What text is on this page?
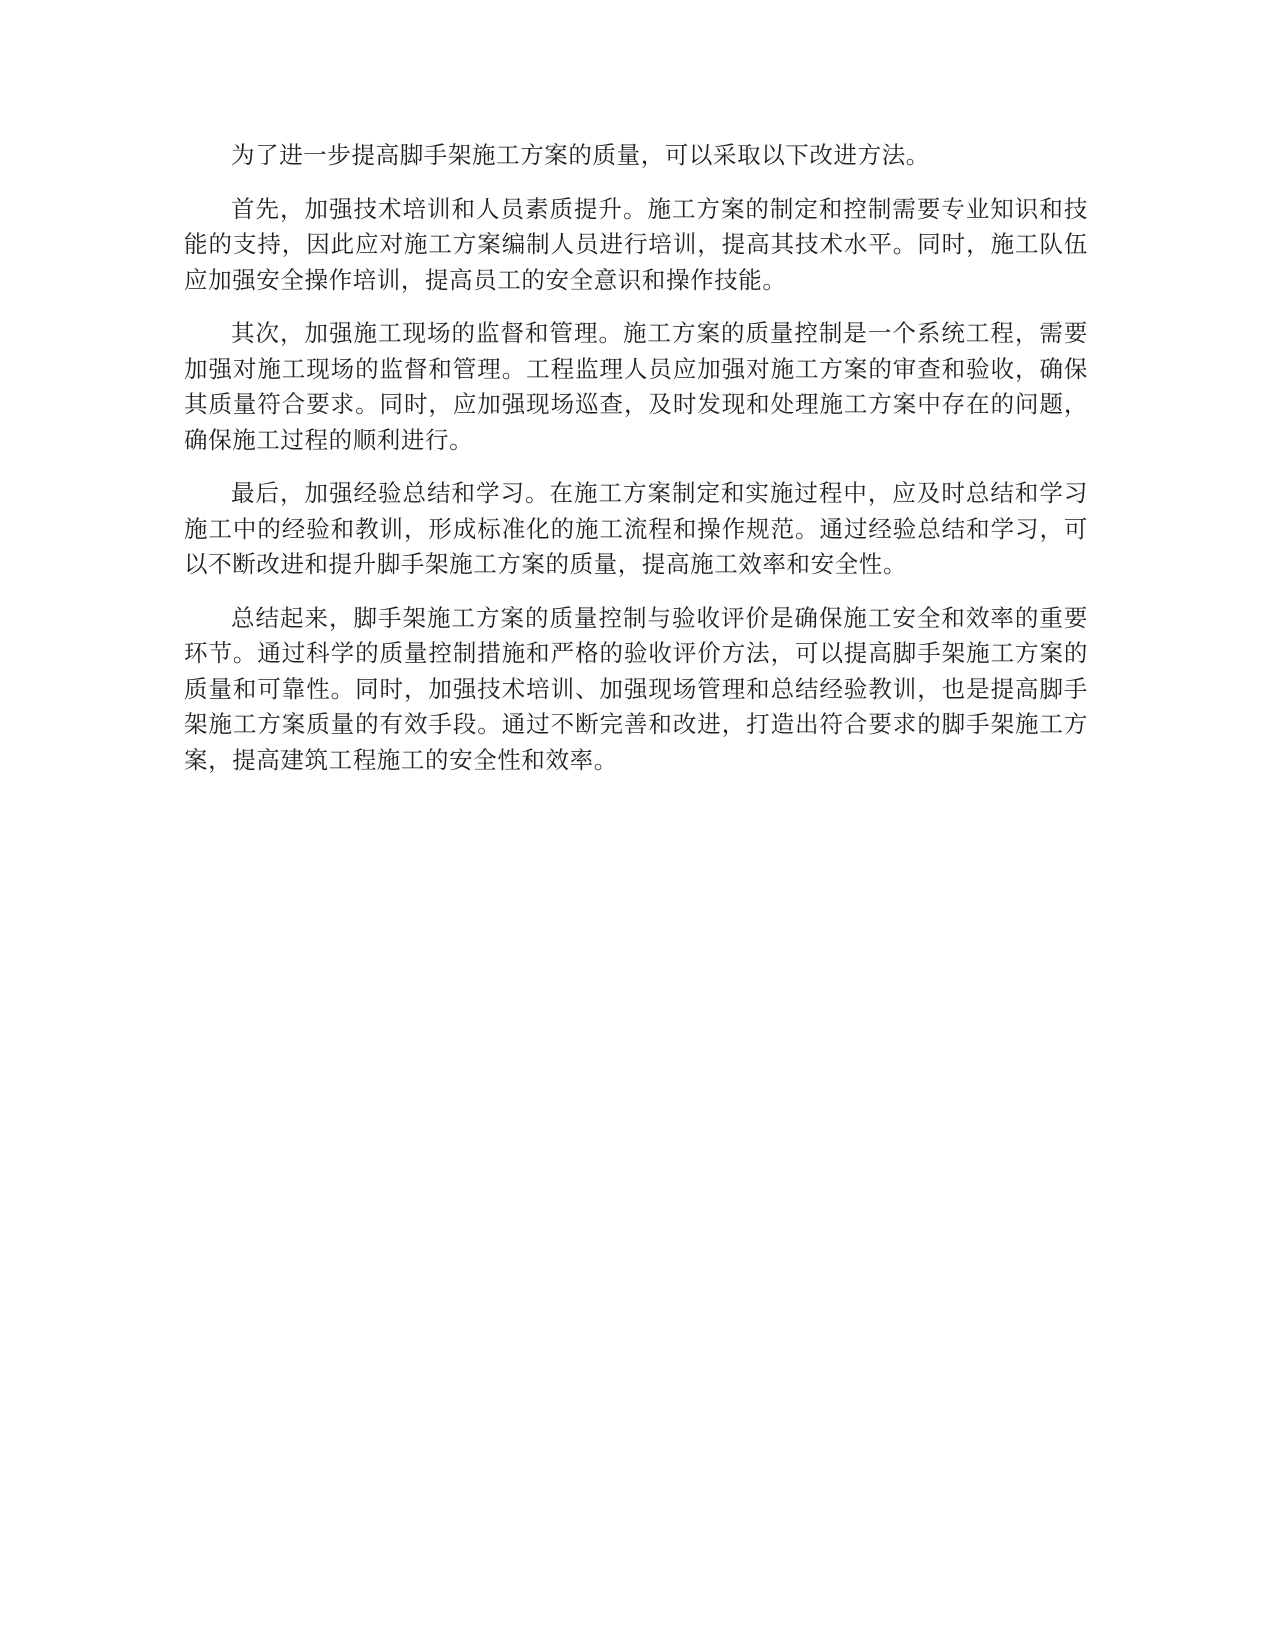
为了进一步提高脚手架施工方案的质量，可以采取以下改进方法。

首先，加强技术培训和人员素质提升。施工方案的制定和控制需要专业知识和技能的支持，因此应对施工方案编制人员进行培训，提高其技术水平。同时，施工队伍应加强安全操作培训，提高员工的安全意识和操作技能。

其次，加强施工现场的监督和管理。施工方案的质量控制是一个系统工程，需要加强对施工现场的监督和管理。工程监理人员应加强对施工方案的审查和验收，确保其质量符合要求。同时，应加强现场巡查，及时发现和处理施工方案中存在的问题，确保施工过程的顺利进行。

最后，加强经验总结和学习。在施工方案制定和实施过程中，应及时总结和学习施工中的经验和教训，形成标准化的施工流程和操作规范。通过经验总结和学习，可以不断改进和提升脚手架施工方案的质量，提高施工效率和安全性。

总结起来，脚手架施工方案的质量控制与验收评价是确保施工安全和效率的重要环节。通过科学的质量控制措施和严格的验收评价方法，可以提高脚手架施工方案的质量和可靠性。同时，加强技术培训、加强现场管理和总结经验教训，也是提高脚手架施工方案质量的有效手段。通过不断完善和改进，打造出符合要求的脚手架施工方案，提高建筑工程施工的安全性和效率。
